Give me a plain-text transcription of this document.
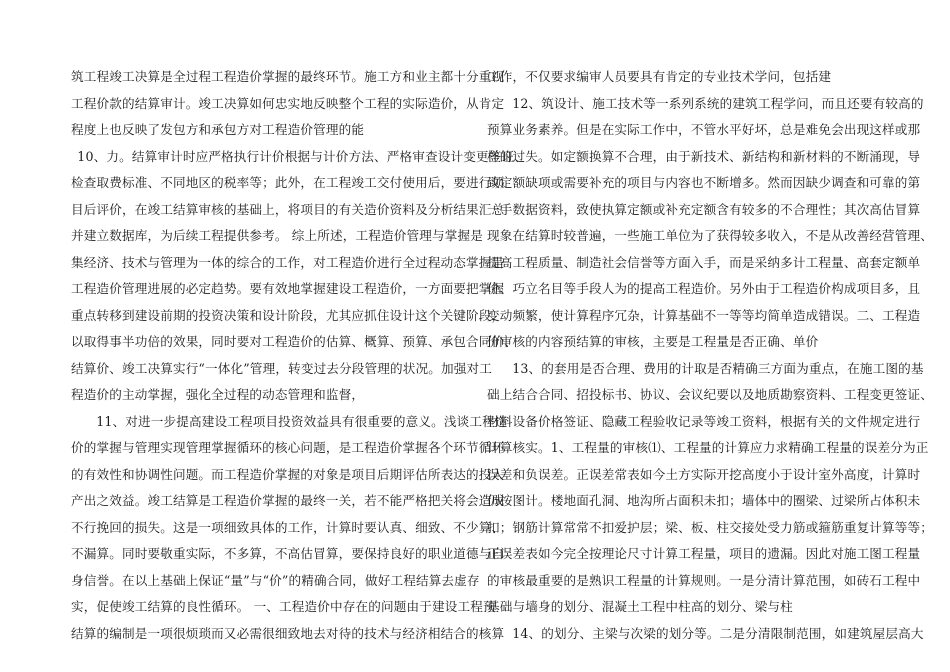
筑工程竣工决算是全过程工程造价掌握的最终环节。施工方和业主都十分重视
工程价款的结算审计。竣工决算如何忠实地反映整个工程的实际造价，从肯定
程度上也反映了发包方和承包方对工程造价管理的能
10、力。结算审计时应严格执行计价根据与计价方法、严格审查设计变更签证、
检查取费标准、不同地区的税率等；此外，在工程竣工交付使用后，要进行项
目后评价，在竣工结算审核的基础上，将项目的有关造价资料及分析结果汇总
并建立数据库，为后续工程提供参考。 综上所述，工程造价管理与掌握是
集经济、技术与管理为一体的综合的工作，对工程造价进行全过程动态掌握是
工程造价管理进展的必定趋势。要有效地掌握建设工程造价，一方面要把掌握
重点转移到建设前期的投资决策和设计阶段，尤其应抓住设计这个关键阶段，
以取得事半功倍的效果，同时要对工程造价的估算、概算、预算、承包合同价、
结算价、竣工决算实行“一体化”管理，转变过去分段管理的状况。加强对工
程造价的主动掌握，强化全过程的动态管理和监督，
11、对进一步提高建设工程项目投资效益具有很重要的意义。浅谈工程造
价的掌握与管理实现管理掌握循环的核心问题，是工程造价掌握各个环节循环
的有效性和协调性问题。而工程造价掌握的对象是项目后期评估所表达的投入
产出之效益。竣工结算是工程造价掌握的最终一关，若不能严格把关将会造成
不行挽回的损失。这是一项细致具体的工作，计算时要认真、细致、不少算、
不漏算。同时要敬重实际，不多算，不高估冒算，要保持良好的职业道德与自
身信誉。在以上基础上保证“量”与“价”的精确合同，做好工程结算去虚存
实，促使竣工结算的良性循环。 一、工程造价中存在的问题由于建设工程预
结算的编制是一项很烦琐而又必需很细致地去对待的技术与经济相结合的核算
工作，不仅要求编审人员要具有肯定的专业技术学问，包括建
12、筑设计、施工技术等一系列系统的建筑工程学问，而且还要有较高的
预算业务素养。但是在实际工作中，不管水平好坏，总是难免会出现这样或那
样的过失。如定额换算不合理，由于新技术、新结构和新材料的不断涌现，导
致定额缺项或需要补充的项目与内容也不断增多。然而因缺少调查和可靠的第
一手数据资料，致使执算定额或补充定额含有较多的不合理性；其次高估冒算
现象在结算时较普遍，一些施工单位为了获得较多收入，不是从改善经营管理、
提高工程质量、制造社会信誉等方面入手，而是采纳多计工程量、高套定额单
价、巧立名目等手段人为的提高工程造价。另外由于工程造价构成项目多，且
变动频繁，使计算程序冗杂，计算基础不一等等均简单造成错误。二、工程造
价审核的内容预结算的审核，主要是工程量是否正确、单价
13、的套用是否合理、费用的计取是否精确三方面为重点，在施工图的基
础上结合合同、招投标书、协议、会议纪要以及地质勘察资料、工程变更签证、
材料设备价格签证、隐藏工程验收记录等竣工资料，根据有关的文件规定进行
计算核实。1、工程量的审核⑴、工程量的计算应力求精确工程量的误差分为正
误差和负误差。正误差常表如今土方实际开挖高度小于设计室外高度，计算时
仍按图计。楼地面孔洞、地沟所占面积未扣；墙体中的圈梁、过梁所占体积未
扣；钢筋计算常常不扣爱护层；梁、板、柱交接处受力筋或箍筋重复计算等等；
正误差表如今完全按理论尺寸计算工程量，项目的遗漏。因此对施工图工程量
的审核最重要的是熟识工程量的计算规则。一是分清计算范围，如砖石工程中
基础与墙身的划分、混凝土工程中柱高的划分、梁与柱
14、的划分、主梁与次梁的划分等。二是分清限制范围，如建筑屋层高大
